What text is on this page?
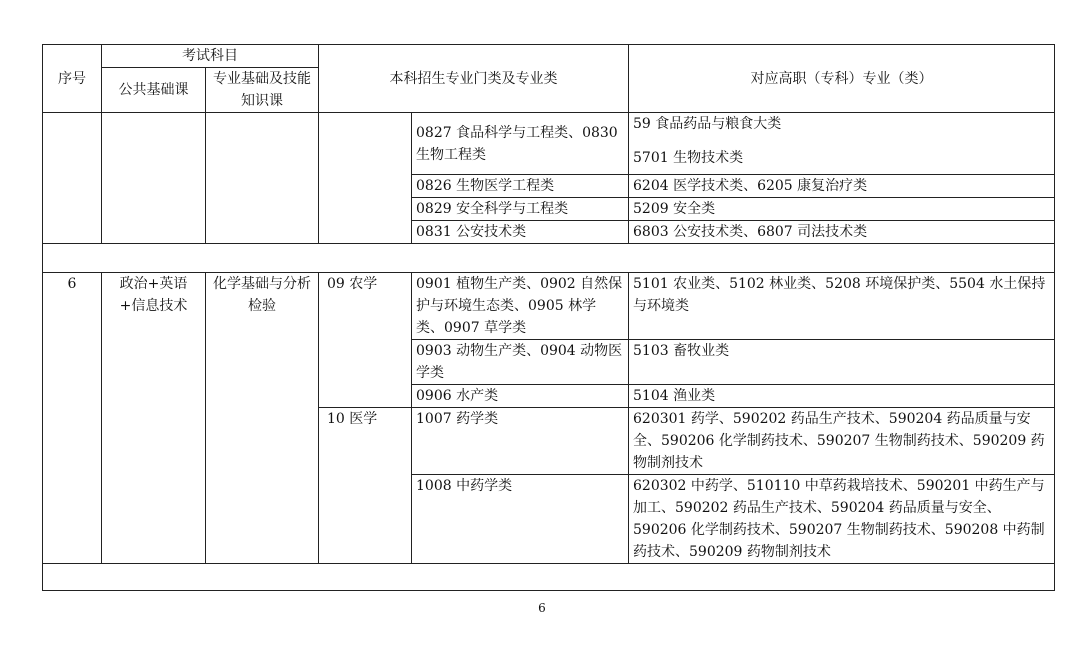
序号	考试科目		本科招生专业门类及专业类		对应高职（专科）专业（类）
	公共基础课	专业基础及技能知识课			
				0827 食品科学与工程类、0830 生物工程类	59 食品药品与粮食大类
5701 生物技术类

				0826 生物医学工程类	6204 医学技术类、6205 康复治疗类
				0829 安全科学与工程类	5209 安全类
				0831 公安技术类	6803 公安技术类、6807 司法技术类

6	政治+英语+信息技术	化学基础与分析检验	09 农学	0901 植物生产类、0902 自然保护与环境生态类、0905 林学类、0907 草学类	5101 农业类、5102 林业类、5208 环境保护类、5504 水土保持与环境类
				0903 动物生产类、0904 动物医学类	5103 畜牧业类
				0906 水产类	5104 渔业类
			10 医学	1007 药学类	620301 药学、590202 药品生产技术、590204 药品质量与安全、590206 化学制药技术、590207 生物制药技术、590209 药物制剂技术
				1008 中药学类	620302 中药学、510110 中草药栽培技术、590201 中药生产与加工、590202 药品生产技术、590204 药品质量与安全、590206 化学制药技术、590207 生物制药技术、590208 中药制药技术、590209 药物制剂技术

6
